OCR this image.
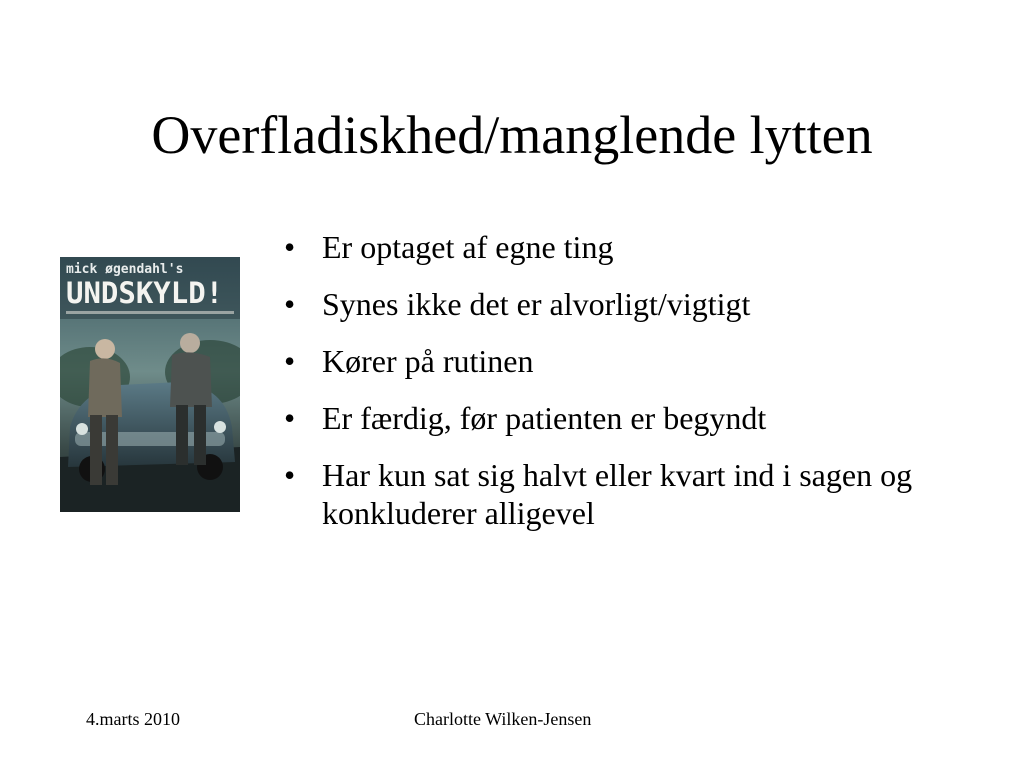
Overfladiskhed/manglende lytten
mick øgendahl's
UNDSKYLD!
• Er optaget af egne ting
• Synes ikke det er alvorligt/vigtigt
• Kører på rutinen
• Er færdig, før patienten er begyndt
• Har kun sat sig halvt eller kvart ind i sagen og konkluderer alligevel
4.marts 2010	Charlotte Wilken-Jensen
